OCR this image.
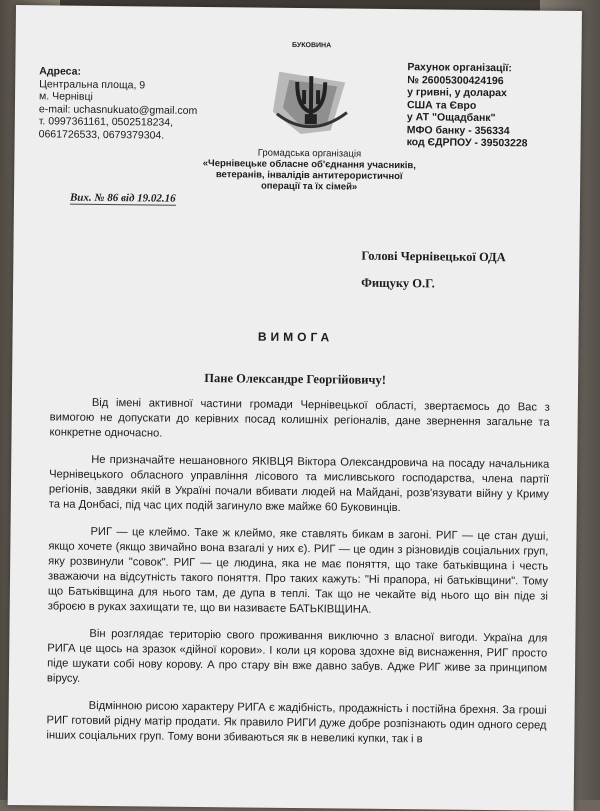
Адреса:
Центральна площа, 9
м. Чернівці
e-mail: uchasnukuato@gmail.com
т. 0997361161, 0502518234,
0661726533, 0679379304.
БУКОВИНА
Рахунок організації:
№ 26005300424196
у гривні, у доларах
США та Євро
у АТ "Ощадбанк"
МФО банку - 356334
код ЄДРПОУ - 39503228
Громадська організація
«Чернівецьке обласне об'єднання учасників,
ветеранів, інвалідів антитерористичної
операції та їх сімей»
Вих. № 86 від 19.02.16
Голові Чернівецької ОДА
Фищуку О.Г.
ВИМОГА
Пане Олександре Георгійовичу!

Від імені активної частини громади Чернівецької області, звертаємось до Вас з вимогою не допускати до керівних посад колишніх регіоналів, дане звернення загальне та конкретне одночасно.

Не призначайте нешановного ЯКІВЦЯ Віктора Олександровича на посаду начальника Чернівецького обласного управління лісового та мисливського господарства, члена партії регіонів, завдяки якій в Україні почали вбивати людей на Майдані, розв'язувати війну у Криму та на Донбасі, під час цих подій загинуло вже майже 60 Буковинців.

РИГ — це клеймо. Таке ж клеймо, яке ставлять бикам в загоні. РИГ — це стан душі, якщо хочете (якщо звичайно вона взагалі у них є). РИГ — це один з різновидів соціальних груп, яку розвинули "совок". РИГ — це людина, яка не має поняття, що таке батьківщина і честь зважаючи на відсутність такого поняття. Про таких кажуть: "Ні прапора, ні батьківщини". Тому що Батьківщина для нього там, де дупа в теплі. Так що не чекайте від нього що він піде зі зброєю в руках захищати те, що ви називаєте БАТЬКІВЩИНА.

Він розглядає територію свого проживання виключно з власної вигоди. Україна для РИГА це щось на зразок «дійної корови». І коли ця корова здохне від виснаження, РИГ просто піде шукати собі нову корову. А про стару він вже давно забув. Адже РИГ живе за принципом вірусу.

Відмінною рисою характеру РИГА є жадібність, продажність і постійна брехня. За гроші РИГ готовий рідну матір продати. Як правило РИГИ дуже добре розпізнають один одного серед інших соціальних груп. Тому вони збиваються як в невеликі купки, так і в
